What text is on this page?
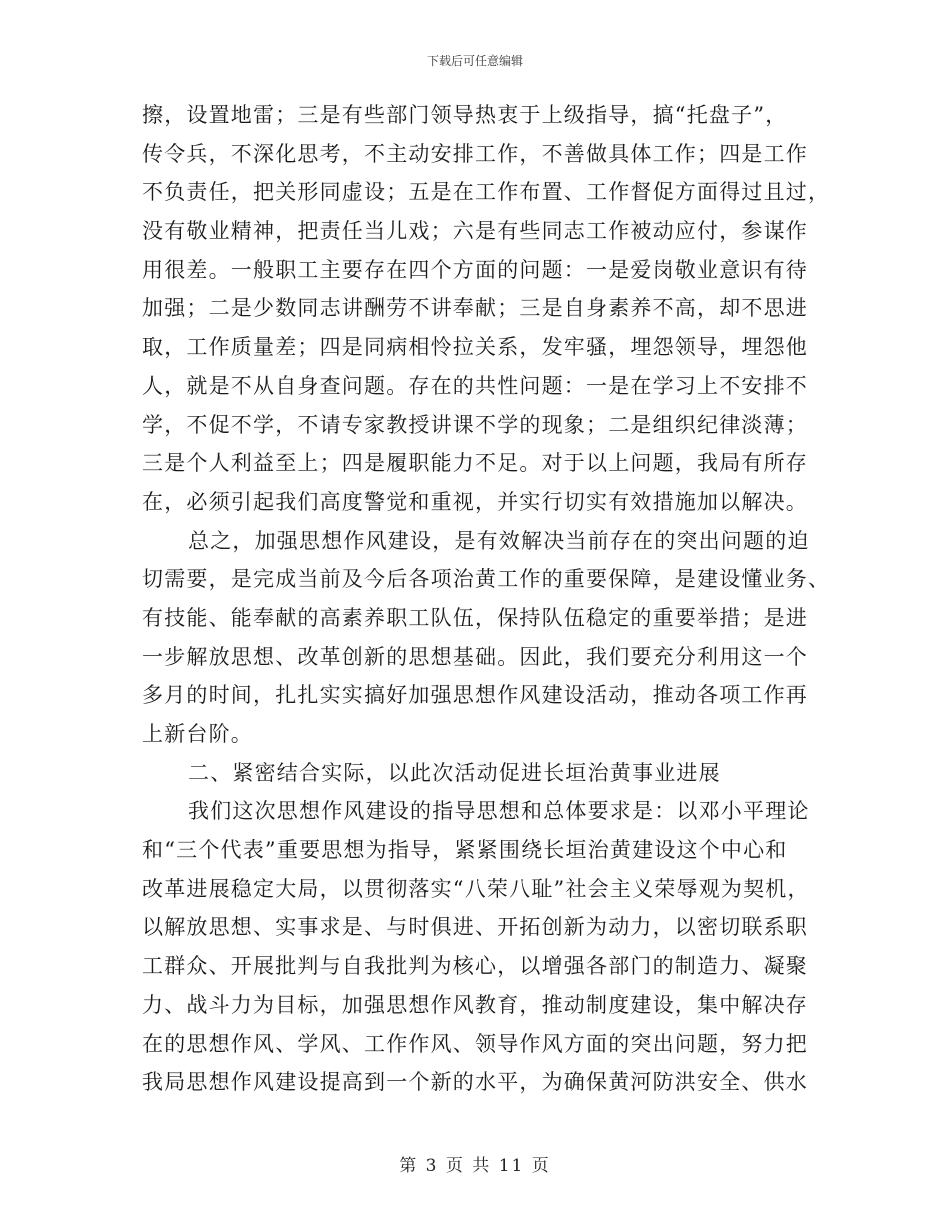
下载后可任意编辑
擦，设置地雷；三是有些部门领导热衷于上级指导，搞“托盘子”，
传令兵，不深化思考，不主动安排工作，不善做具体工作；四是工作
不负责任，把关形同虚设；五是在工作布置、工作督促方面得过且过，
没有敬业精神，把责任当儿戏；六是有些同志工作被动应付，参谋作
用很差。一般职工主要存在四个方面的问题：一是爱岗敬业意识有待
加强；二是少数同志讲酬劳不讲奉献；三是自身素养不高，却不思进
取，工作质量差；四是同病相怜拉关系，发牢骚，埋怨领导，埋怨他
人，就是不从自身查问题。存在的共性问题：一是在学习上不安排不
学，不促不学，不请专家教授讲课不学的现象；二是组织纪律淡薄；
三是个人利益至上；四是履职能力不足。对于以上问题，我局有所存
在，必须引起我们高度警觉和重视，并实行切实有效措施加以解决。
总之，加强思想作风建设，是有效解决当前存在的突出问题的迫
切需要，是完成当前及今后各项治黄工作的重要保障，是建设懂业务、
有技能、能奉献的高素养职工队伍，保持队伍稳定的重要举措；是进
一步解放思想、改革创新的思想基础。因此，我们要充分利用这一个
多月的时间，扎扎实实搞好加强思想作风建设活动，推动各项工作再
上新台阶。
二、紧密结合实际，以此次活动促进长垣治黄事业进展
我们这次思想作风建设的指导思想和总体要求是：以邓小平理论
和“三个代表”重要思想为指导，紧紧围绕长垣治黄建设这个中心和
改革进展稳定大局，以贯彻落实“八荣八耻”社会主义荣辱观为契机，
以解放思想、实事求是、与时俱进、开拓创新为动力，以密切联系职
工群众、开展批判与自我批判为核心，以增强各部门的制造力、凝聚
力、战斗力为目标，加强思想作风教育，推动制度建设，集中解决存
在的思想作风、学风、工作作风、领导作风方面的突出问题，努力把
我局思想作风建设提高到一个新的水平，为确保黄河防洪安全、供水
第 3 页 共 11 页
